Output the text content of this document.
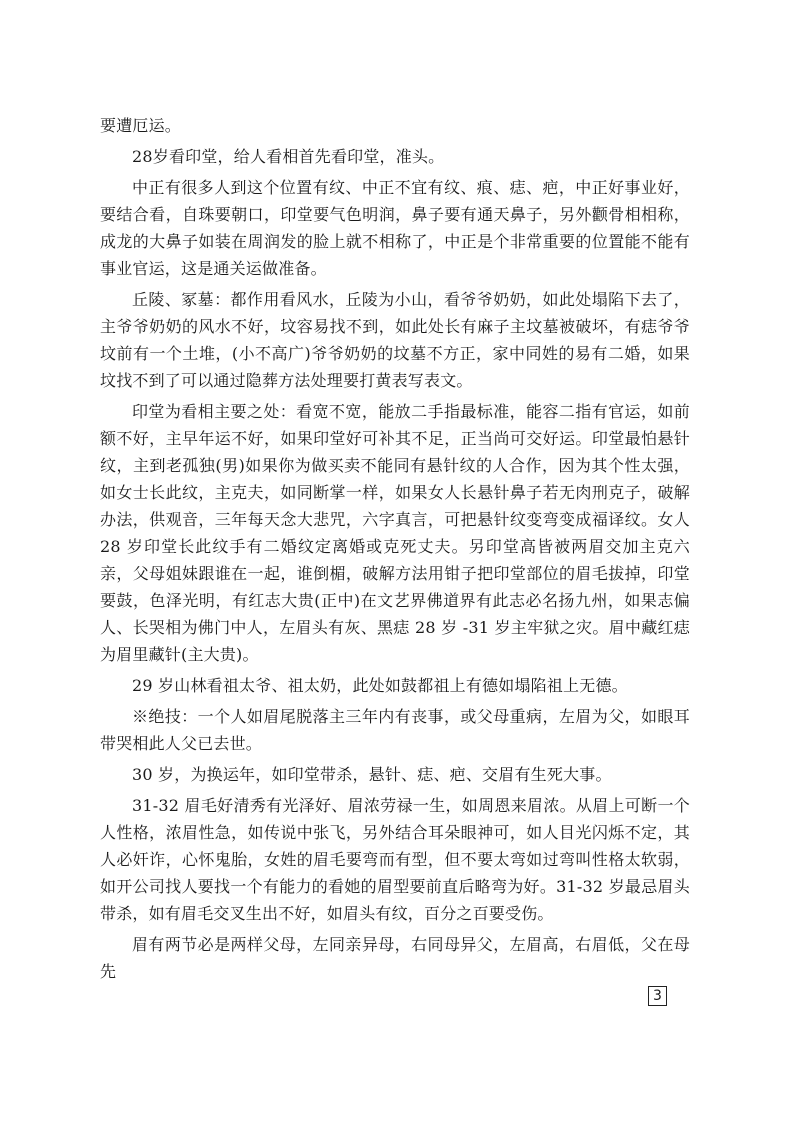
要遭厄运。

28岁看印堂，给人看相首先看印堂，准头。

中正有很多人到这个位置有纹、中正不宜有纹、痕、痣、疤，中正好事业好，要结合看，自珠要朝口，印堂要气色明润，鼻子要有通天鼻子，另外颧骨相相称，成龙的大鼻子如装在周润发的脸上就不相称了，中正是个非常重要的位置能不能有事业官运，这是通关运做准备。

丘陵、冢墓：都作用看风水，丘陵为小山，看爷爷奶奶，如此处塌陷下去了，主爷爷奶奶的风水不好，坟容易找不到，如此处长有麻子主坟墓被破坏，有痣爷爷坟前有一个土堆，(小不高广)爷爷奶奶的坟墓不方正，家中同姓的易有二婚，如果坟找不到了可以通过隐葬方法处理要打黄表写表文。

印堂为看相主要之处：看宽不宽，能放二手指最标准，能容二指有官运，如前额不好，主早年运不好，如果印堂好可补其不足，正当尚可交好运。印堂最怕悬针纹，主到老孤独(男)如果你为做买卖不能同有悬针纹的人合作，因为其个性太强，如女士长此纹，主克夫，如同断掌一样，如果女人长悬针鼻子若无肉刑克子，破解办法，供观音，三年每天念大悲咒，六字真言，可把悬针纹变弯变成福译纹。女人 28 岁印堂长此纹手有二婚纹定离婚或克死丈夫。另印堂高皆被两眉交加主克六亲，父母姐妹跟谁在一起，谁倒楣，破解方法用钳子把印堂部位的眉毛拔掉，印堂要鼓，色泽光明，有红志大贵(正中)在文艺界佛道界有此志必名扬九州，如果志偏人、长哭相为佛门中人，左眉头有灰、黑痣 28 岁 -31 岁主牢狱之灾。眉中藏红痣为眉里藏针(主大贵)。

29 岁山林看祖太爷、祖太奶，此处如鼓都祖上有德如塌陷祖上无德。

※绝技：一个人如眉尾脱落主三年内有丧事，或父母重病，左眉为父，如眼耳带哭相此人父已去世。

30 岁，为换运年，如印堂带杀，悬针、痣、疤、交眉有生死大事。

31-32 眉毛好清秀有光泽好、眉浓劳禄一生，如周恩来眉浓。从眉上可断一个人性格，浓眉性急，如传说中张飞，另外结合耳朵眼神可，如人目光闪烁不定，其人必奸诈，心怀鬼胎，女姓的眉毛要弯而有型，但不要太弯如过弯叫性格太软弱，如开公司找人要找一个有能力的看她的眉型要前直后略弯为好。31-32 岁最忌眉头带杀，如有眉毛交叉生出不好，如眉头有纹，百分之百要受伤。

眉有两节必是两样父母，左同亲异母，右同母异父，左眉高，右眉低，父在母先

3
